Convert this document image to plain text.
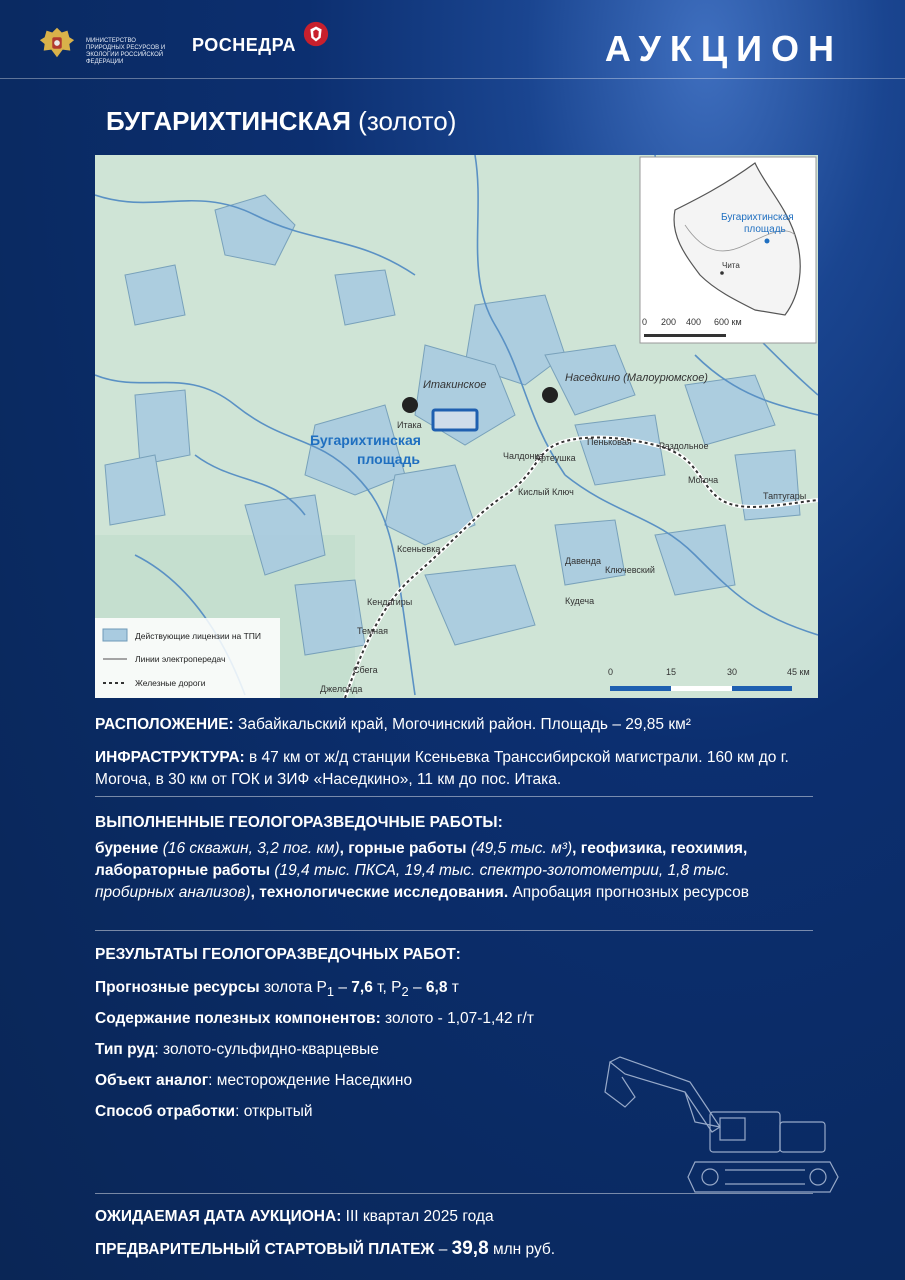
МИНИСТЕРСТВО ПРИРОДНЫХ РЕСУРСОВ И ЭКОЛОГИИ РОССИЙСКОЙ ФЕДЕРАЦИИ
РОСНЕДРА	АУКЦИОН
БУГАРИХТИНСКАЯ (золото)
Итака
Пеньковая	Раздольное
Чалдонка
Артеушка
Могоча
Таптугары
Кислый Ключ
Ксеньевка
Давенда
Ключевский
Кудеча
Кендагиры
Темная
Сбега
Джелонда
Итакинское
Наседкино (Малоурюмское)
Бугарихтинская
площадь
Действующие лицензии на ТПИ
Линии электропередач
Железные дороги
0	15	30	45 км
Бугарихтинская
площадь
Чита
0 200 400 600 км
РАСПОЛОЖЕНИЕ: Забайкальский край, Могочинский район. Площадь – 29,85 км²
ИНФРАСТРУКТУРА: в 47 км от ж/д станции Ксеньевка Транссибирской магистрали. 160 км до г. Могоча, в 30 км от ГОК и ЗИФ «Наседкино», 11 км до пос. Итака.
ВЫПОЛНЕННЫЕ ГЕОЛОГОРАЗВЕДОЧНЫЕ РАБОТЫ:
бурение (16 скважин, 3,2 пог. км), горные работы (49,5 тыс. м³), геофизика, геохимия, лабораторные работы (19,4 тыс. ПКСА, 19,4 тыс. спектро-золотометрии, 1,8 тыс. пробирных анализов), технологические исследования. Апробация прогнозных ресурсов
РЕЗУЛЬТАТЫ ГЕОЛОГОРАЗВЕДОЧНЫХ РАБОТ:
Прогнозные ресурсы золота $Р_1 - 7,6$ т, $Р_2 - 6,8$ т
Содержание полезных компонентов: золото - 1,07-1,42 г/т
Тип руд: золото-сульфидно-кварцевые
Объект аналог: месторождение Наседкино
Способ отработки: открытый
ОЖИДАЕМАЯ ДАТА АУКЦИОНА: III квартал 2025 года
ПРЕДВАРИТЕЛЬНЫЙ СТАРТОВЫЙ ПЛАТЕЖ – 39,8 млн руб.
